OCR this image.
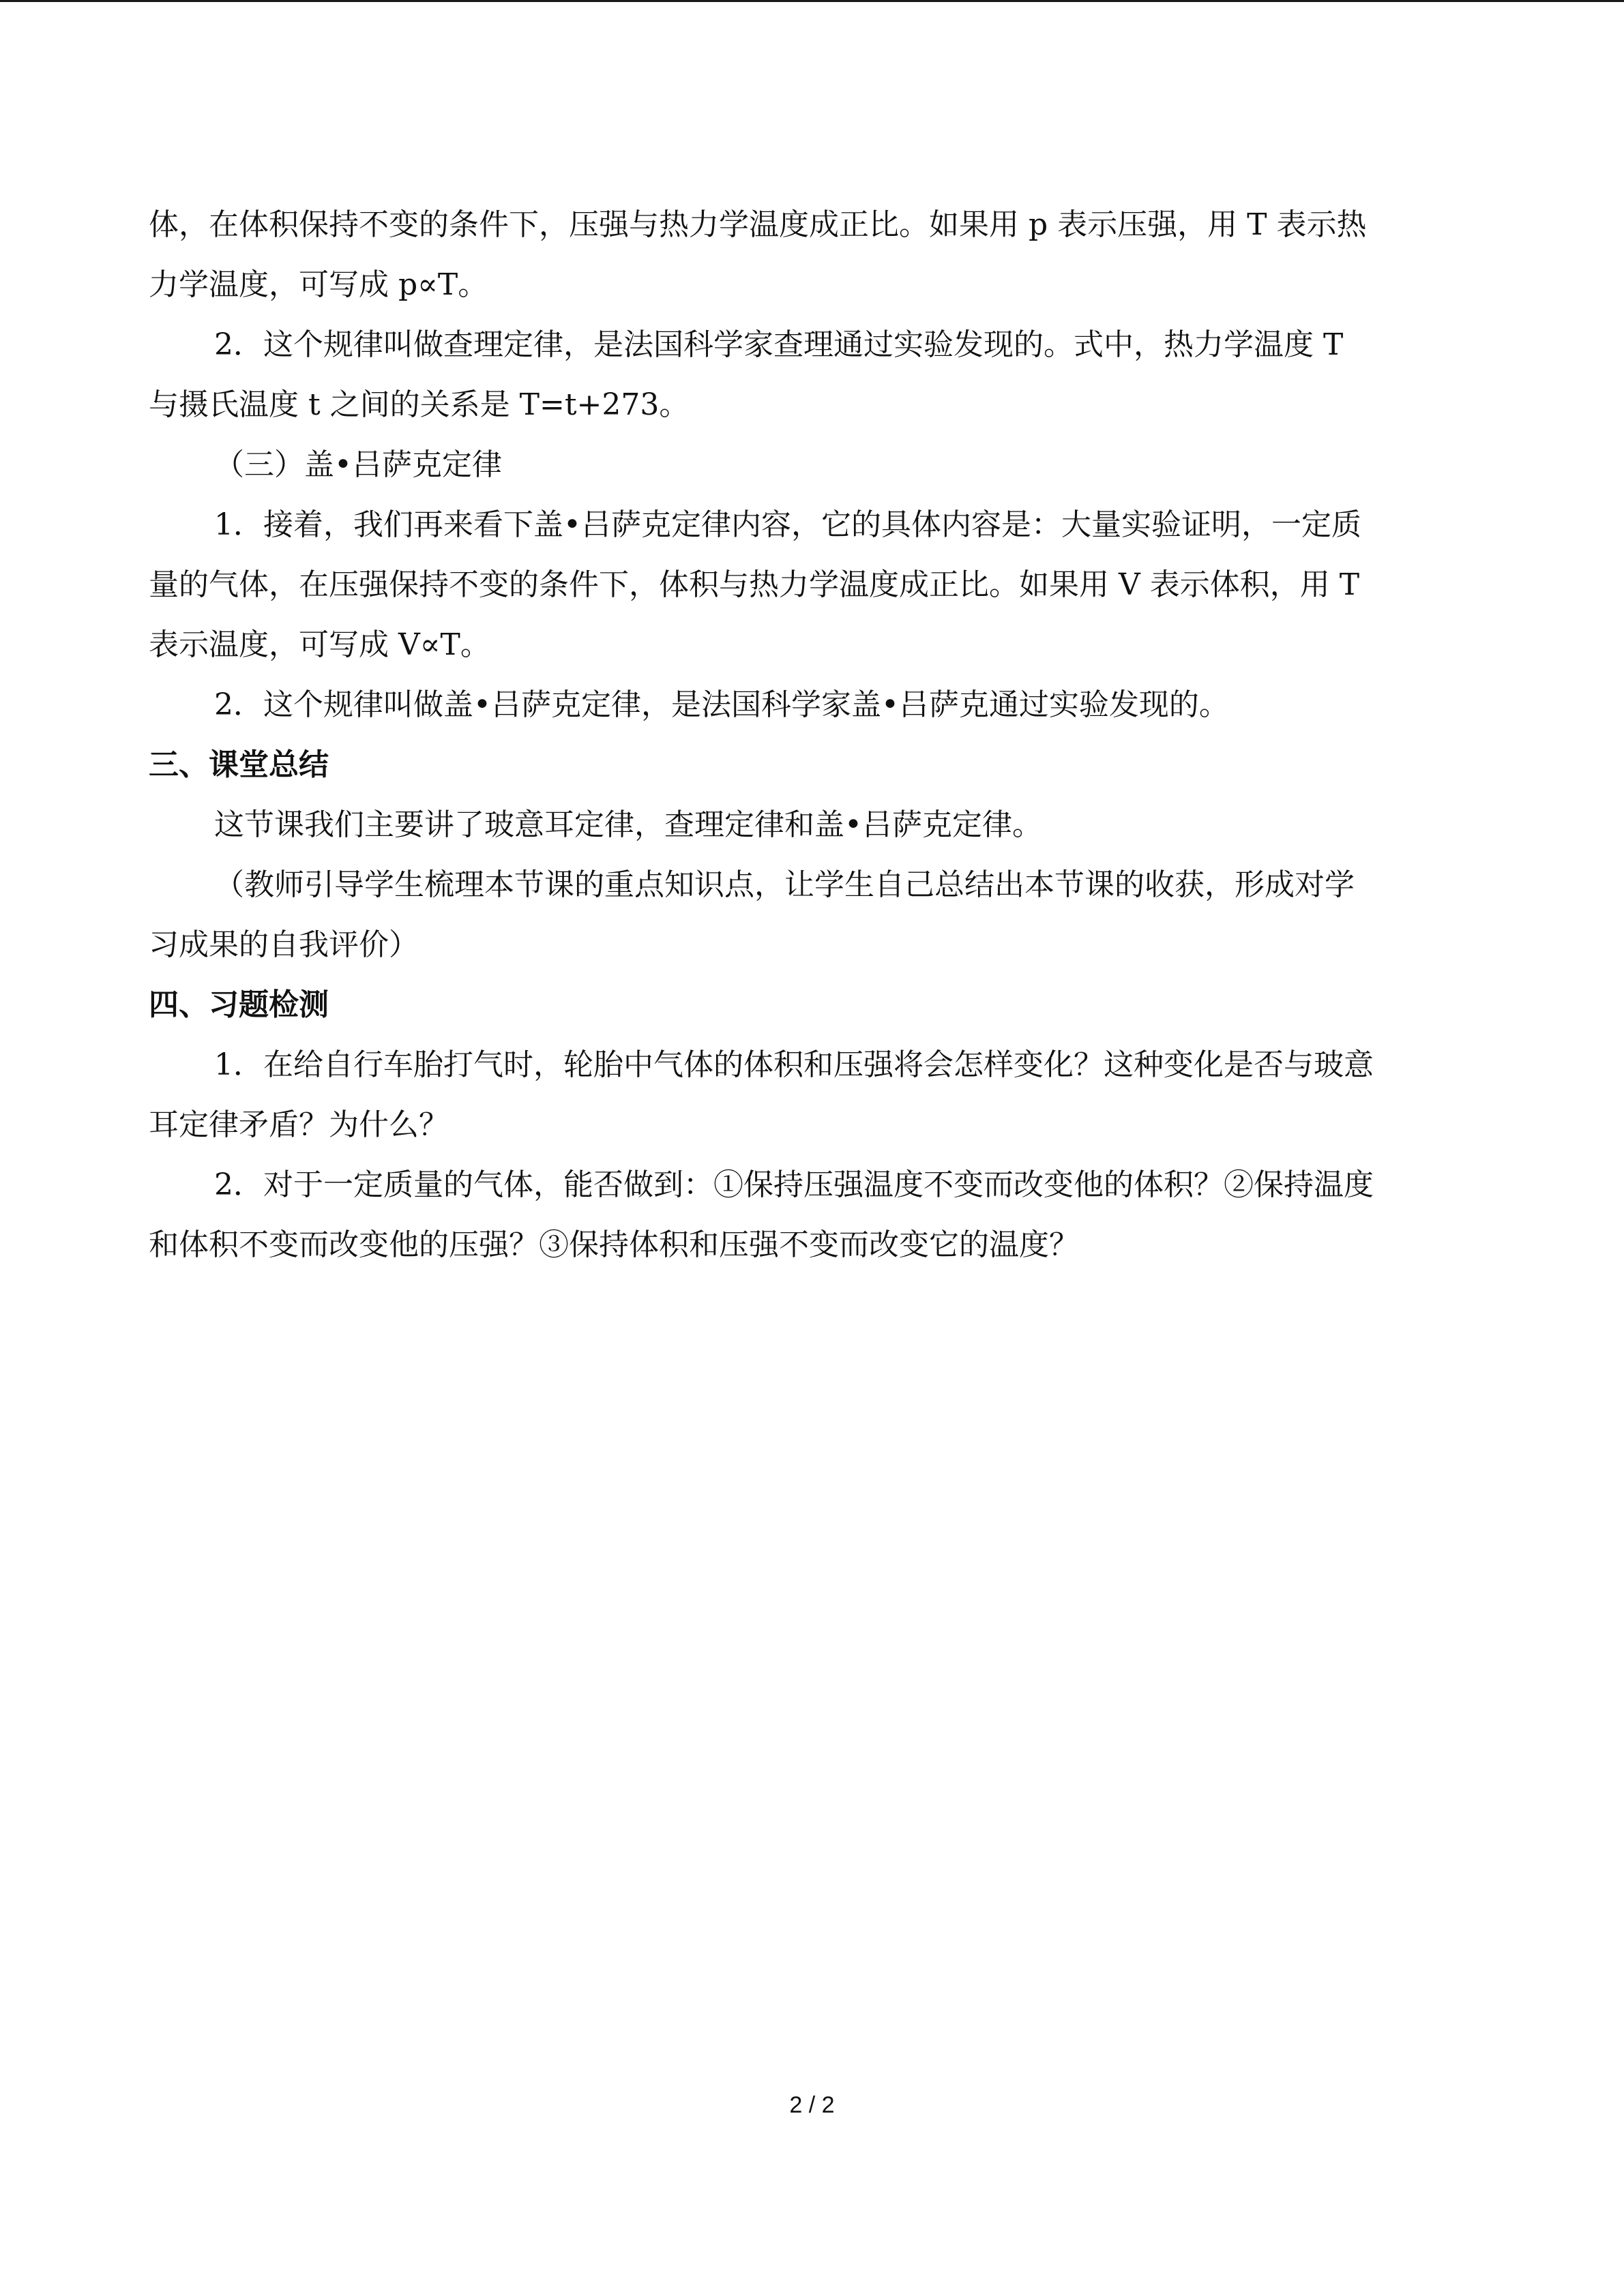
体，在体积保持不变的条件下，压强与热力学温度成正比。如果用 p 表示压强，用 T 表示热
力学温度，可写成 p∝T。
2．这个规律叫做查理定律，是法国科学家查理通过实验发现的。式中，热力学温度 T
与摄氏温度 t 之间的关系是 T=t+273。
（三）盖•吕萨克定律
1．接着，我们再来看下盖•吕萨克定律内容，它的具体内容是：大量实验证明，一定质
量的气体，在压强保持不变的条件下，体积与热力学温度成正比。如果用 V 表示体积，用 T
表示温度，可写成 V∝T。
2．这个规律叫做盖•吕萨克定律，是法国科学家盖•吕萨克通过实验发现的。
三、课堂总结
这节课我们主要讲了玻意耳定律，查理定律和盖•吕萨克定律。
（教师引导学生梳理本节课的重点知识点，让学生自己总结出本节课的收获，形成对学
习成果的自我评价）
四、习题检测
1．在给自行车胎打气时，轮胎中气体的体积和压强将会怎样变化？这种变化是否与玻意
耳定律矛盾？为什么？
2．对于一定质量的气体，能否做到：①保持压强温度不变而改变他的体积？②保持温度
和体积不变而改变他的压强？③保持体积和压强不变而改变它的温度？
2 / 2
